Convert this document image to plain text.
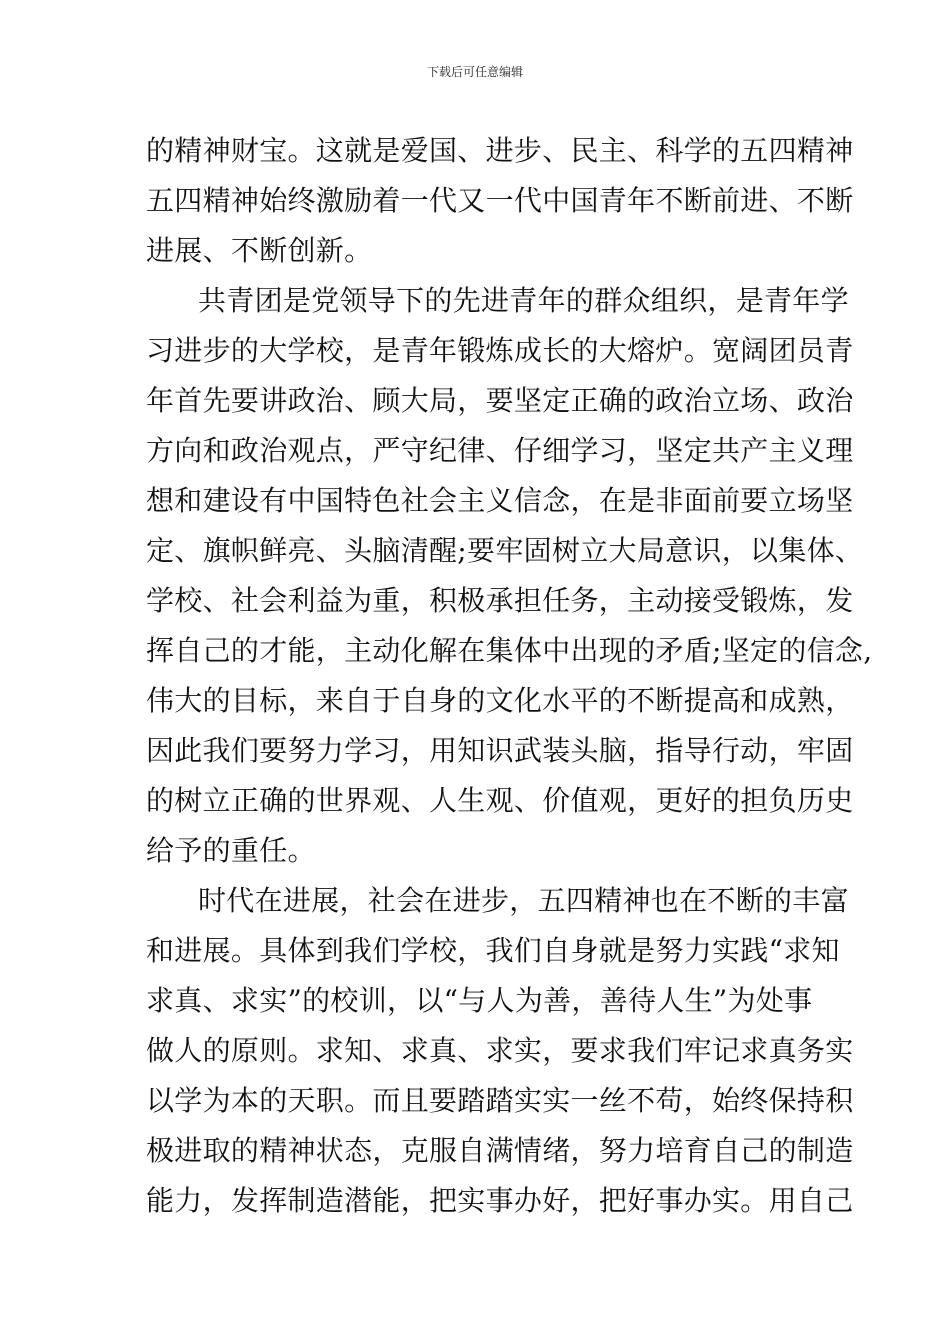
下载后可任意编辑
的精神财宝。这就是爱国、进步、民主、科学的五四精神
五四精神始终激励着一代又一代中国青年不断前进、不断
进展、不断创新。
共青团是党领导下的先进青年的群众组织，是青年学
习进步的大学校，是青年锻炼成长的大熔炉。宽阔团员青
年首先要讲政治、顾大局，要坚定正确的政治立场、政治
方向和政治观点，严守纪律、仔细学习，坚定共产主义理
想和建设有中国特色社会主义信念，在是非面前要立场坚
定、旗帜鲜亮、头脑清醒;要牢固树立大局意识，以集体、
学校、社会利益为重，积极承担任务，主动接受锻炼，发
挥自己的才能，主动化解在集体中出现的矛盾;坚定的信念,
伟大的目标，来自于自身的文化水平的不断提高和成熟，
因此我们要努力学习，用知识武装头脑，指导行动，牢固
的树立正确的世界观、人生观、价值观，更好的担负历史
给予的重任。
时代在进展，社会在进步，五四精神也在不断的丰富
和进展。具体到我们学校，我们自身就是努力实践“求知
求真、求实”的校训，以“与人为善，善待人生”为处事
做人的原则。求知、求真、求实，要求我们牢记求真务实
以学为本的天职。而且要踏踏实实一丝不苟，始终保持积
极进取的精神状态，克服自满情绪，努力培育自己的制造
能力，发挥制造潜能，把实事办好，把好事办实。用自己
